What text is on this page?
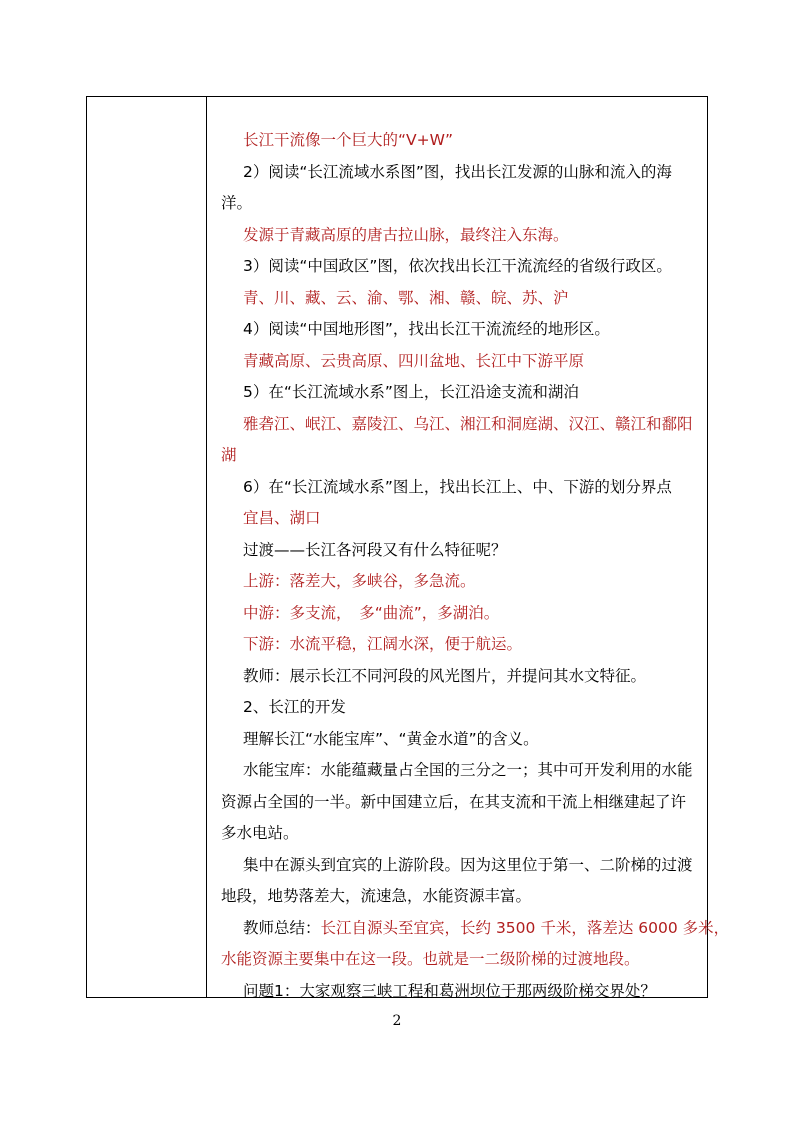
长江干流像一个巨大的“V+W”

2）阅读“长江流域水系图”图，找出长江发源的山脉和流入的海

洋。

发源于青藏高原的唐古拉山脉，最终注入东海。

3）阅读“中国政区”图，依次找出长江干流流经的省级行政区。

青、川、藏、云、渝、鄂、湘、赣、皖、苏、沪

4）阅读“中国地形图”，找出长江干流流经的地形区。

青藏高原、云贵高原、四川盆地、长江中下游平原

5）在“长江流域水系”图上，长江沿途支流和湖泊

雅砻江、岷江、嘉陵江、乌江、湘江和洞庭湖、汉江、赣江和鄱阳

湖

6）在“长江流域水系”图上，找出长江上、中、下游的划分界点

宜昌、湖口

过渡——长江各河段又有什么特征呢？

上游：落差大，多峡谷，多急流。

中游：多支流，　多“曲流”，多湖泊。

下游：水流平稳，江阔水深，便于航运。

教师：展示长江不同河段的风光图片，并提问其水文特征。

2、长江的开发

理解长江“水能宝库”、“黄金水道”的含义。

水能宝库：水能蕴藏量占全国的三分之一；其中可开发利用的水能

资源占全国的一半。新中国建立后，在其支流和干流上相继建起了许

多水电站。

集中在源头到宜宾的上游阶段。因为这里位于第一、二阶梯的过渡

地段，地势落差大，流速急，水能资源丰富。

教师总结：长江自源头至宜宾，长约 3500 千米，落差达 6000 多米，

水能资源主要集中在这一段。也就是一二级阶梯的过渡地段。

问题1：大家观察三峡工程和葛洲坝位于那两级阶梯交界处？

2
